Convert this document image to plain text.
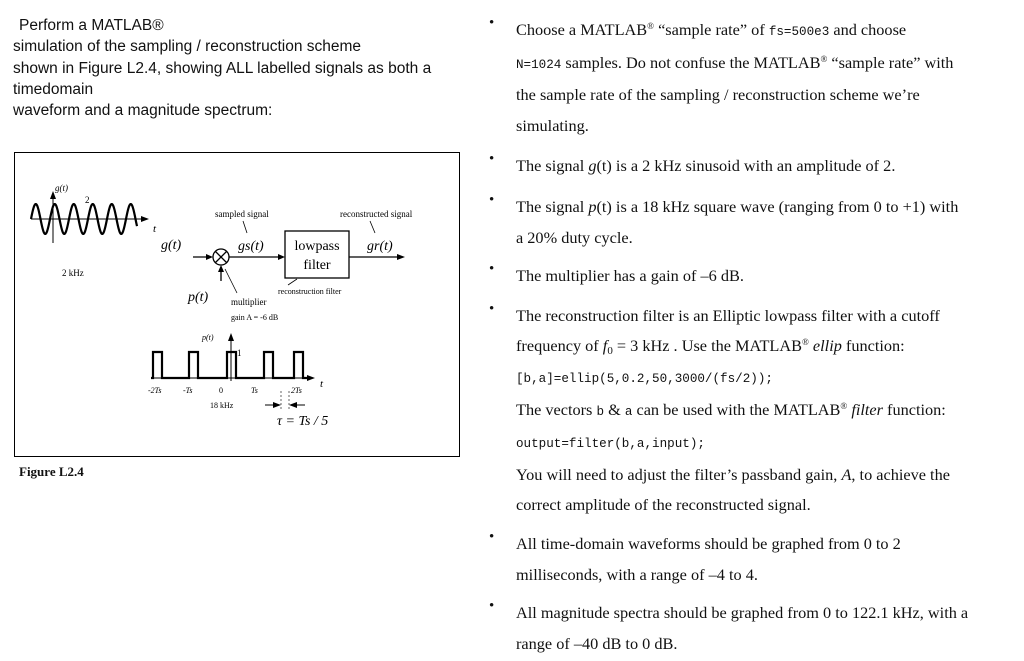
Perform a MATLAB®
simulation of the sampling / reconstruction scheme
shown in Figure L2.4, showing ALL labelled signals as both a
timedomain
waveform and a magnitude spectrum:
g(t)
2
t
2 kHz
g(t)	gs(t) lowpass
filter
gr(t)
sampled signal	reconstructed signal
reconstruction filter
p(t)	multiplier
gain A = -6 dB
p(t)
1
t
-2Ts	-Ts	0	Ts	2Ts
18 kHz
τ = Ts / 5
Figure L2.4
• Choose a MATLAB® “sample rate” of fs=500e3 and choose
N=1024 samples. Do not confuse the MATLAB® “sample rate” with
the sample rate of the sampling / reconstruction scheme we’re
simulating.
• The signal g(t) is a 2 kHz sinusoid with an amplitude of 2.
• The signal p(t) is a 18 kHz square wave (ranging from 0 to +1) with
a 20% duty cycle.
• The multiplier has a gain of –6 dB.
• The reconstruction filter is an Elliptic lowpass filter with a cutoff
frequency of $f_0 = 3$ kHz . Use the MATLAB® ellip function:
[b,a]=ellip(5,0.2,50,3000/(fs/2));
The vectors b & a can be used with the MATLAB® filter function:
output=filter(b,a,input);
You will need to adjust the filter’s passband gain, A, to achieve the
correct amplitude of the reconstructed signal.
• All time-domain waveforms should be graphed from 0 to 2
milliseconds, with a range of –4 to 4.
• All magnitude spectra should be graphed from 0 to 122.1 kHz, with a
range of –40 dB to 0 dB.
